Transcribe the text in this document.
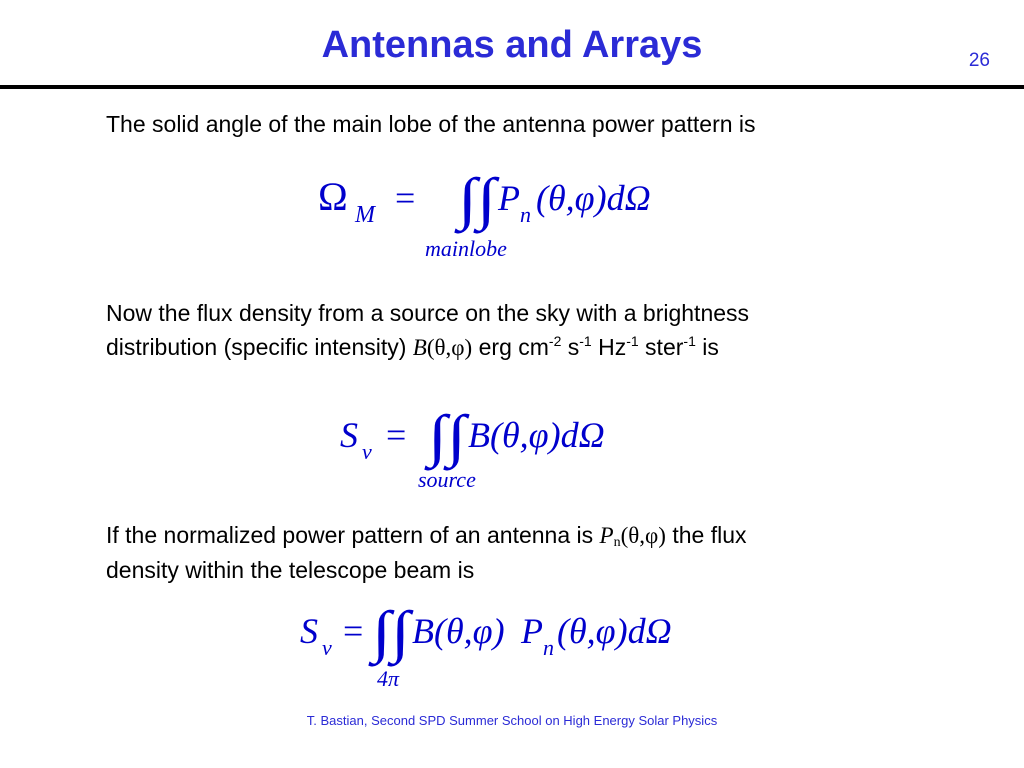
Antennas and Arrays	26
The solid angle of the main lobe of the antenna power pattern is
Ω M = ∫∫ P n (θ,φ)dΩ
mainlobe
Now the flux density from a source on the sky with a brightness
distribution (specific intensity) B(θ,φ) erg $cm^{-2}$ $s^{-1}$ $Hz^{-1}$ ster$^{-1}$ is
S ν = ∫∫ B(θ,φ)dΩ
source
If the normalized power pattern of an antenna is $P_n(\theta,\varphi)$ the flux
density within the telescope beam is
S ν = ∫∫ B(θ,φ) P n (θ,φ)dΩ
4π
T. Bastian, Second SPD Summer School on High Energy Solar Physics
